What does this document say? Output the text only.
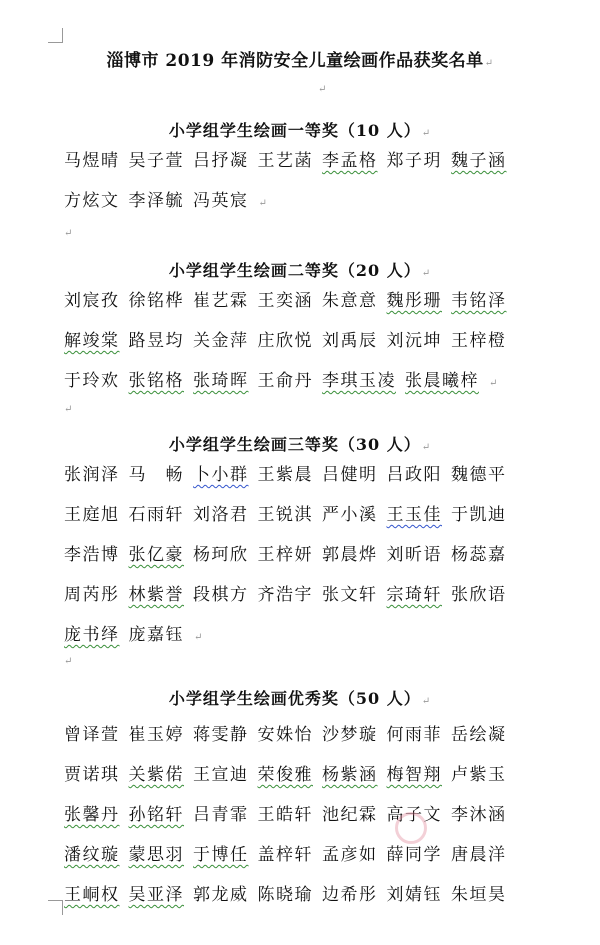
淄博市 2019 年消防安全儿童绘画作品获奖名单↵
↵
小学组学生绘画一等奖（10 人）↵
马煜晴 吴子萱 吕抒凝 王艺菡 李孟格 郑子玥 魏子涵
方炫文 李泽毓 冯英宸 ↵
↵
小学组学生绘画二等奖（20 人）↵
刘宸孜 徐铭桦 崔艺霖 王奕涵 朱意意 魏彤珊 韦铭泽
解竣棠 路昱均 关金萍 庄欣悦 刘禹辰 刘沅坤 王梓橙
于玲欢 张铭格 张琦晖 王俞丹 李琪玉凌 张晨曦梓 ↵
↵
小学组学生绘画三等奖（30 人）↵
张润泽 马　畅 卜小群 王紫晨 吕健明 吕政阳 魏德平
王庭旭 石雨轩 刘洛君 王锐淇 严小溪 王玉佳 于凯迪
李浩博 张亿豪 杨珂欣 王梓妍 郭晨烨 刘昕语 杨蕊嘉
周芮彤 林紫誉 段棋方 齐浩宇 张文轩 宗琦轩 张欣语
庞书绎 庞嘉钰 ↵
↵
小学组学生绘画优秀奖（50 人）↵
曾译萱 崔玉婷 蒋雯静 安姝怡 沙梦璇 何雨菲 岳绘凝
贾诺琪 关紫偌 王宣迪 荣俊雅 杨紫涵 梅智翔 卢紫玉
张馨丹 孙铭轩 吕青霏 王皓轩 池纪霖 高子文 李沐涵
潘纹璇 蒙思羽 于博任 盖梓轩 孟彦如 薛同学 唐晨洋
王峒权 吴亚泽 郭龙威 陈晓瑜 边希彤 刘婧钰 朱垣昊
